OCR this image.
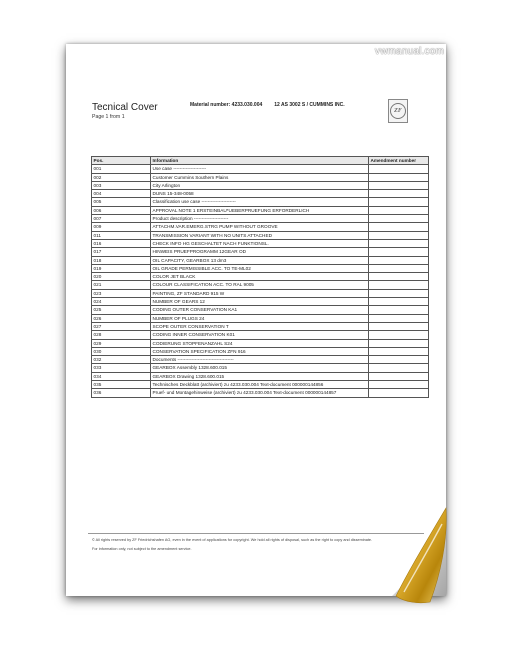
Tecnical Cover
Page 1 from 1
Material number: 4233.030.004 12 AS 3002 S / CUMMINS INC.
ZF
Pos.	Information	Amendment number
001	Use case ---------------------	
002	Customer Cummins Southern Plains	
003	City Arlington	
004	DUNS 15-348-0058	
005	Classification use case ----------------------	
006	APPROVAL NOTE 1 ERSTEINBAU*UEBERPRUEFUNG ERFORDERLICH	
007	Product description ----------------------	
009	ATTACHM.VAR.EMERG.STRG PUMP WITHOUT GROOVE	
011	TRANSMISSION VARIANT WITH NO UNITS ATTACHED	
016	CHECK INFO HG GESCHALTET NACH FUNKTIONSL.	
017	HINWEIS PRUEFPROGRAMM 12GEAR OD	
018	OIL CAPACITY, GEARBOX 13 dm3	
019	OIL GRADE PERMISSIBLE ACC. TO TE-ML02	
020	COLOR JET BLACK	
021	COLOUR CLASSIFICATION ACC. TO RAL 9005	
023	PAINTING, ZF STANDARD 915 W	
024	NUMBER OF GEARS 12	
025	CODING OUTER CONSERVATION KA1	
026	NUMBER OF PLUGS 24	
027	SCOPE OUTER CONSERVATION T	
028	CODING INNER CONSERVATION K01	
029	CODIERUNG STOPFENANZAHL S24	
030	CONSERVATION SPECIFICATION ZFN 916	
032	Documents ------------------------------------	
033	GEARBOX Assembly 1328.600.015	
034	GEARBOX Drawing 1328.600.015	
035	Technisches Deckblatt (archiviert) zu 4233.030.004 Text-document 000000144856	
036	Pruef- und Montagehinweise (archiviert) zu 4233.030.004 Text-document 000000144857	
© All rights reserved by ZF Friedrichshafen AG, even in the event of applications for copyright. We hold all rights of disposal, such as the right to copy and disseminate.
For information only, not subject to the amendment service.
vwmanual.com
